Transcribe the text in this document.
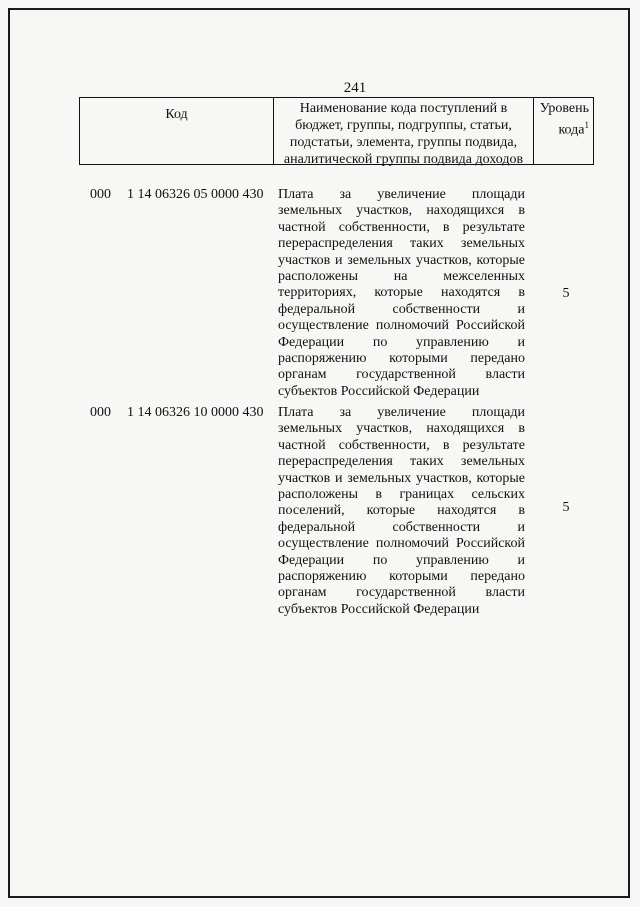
241
Код	Наименование кода поступлений в
бюджет, группы, подгруппы, статьи,
подстатьи, элемента, группы подвида,
аналитической группы подвида доходов
Уровень
кода$^1$
000 1 14 06326 05 0000 430 Плата за увеличение площади
земельных участков, находящихся в
частной собственности, в результате
перераспределения таких земельных
участков и земельных участков, которые
расположены на межселенных
территориях, которые находятся в
федеральной собственности и
осуществление полномочий Российской
Федерации по управлению и
распоряжению которыми передано
органам государственной власти
субъектов Российской Федерации
5
000 1 14 06326 10 0000 430 Плата за увеличение площади
земельных участков, находящихся в
частной собственности, в результате
перераспределения таких земельных
участков и земельных участков, которые
расположены в границах сельских
поселений, которые находятся в
федеральной собственности и
осуществление полномочий Российской
Федерации по управлению и
распоряжению которыми передано
органам государственной власти
субъектов Российской Федерации
5
